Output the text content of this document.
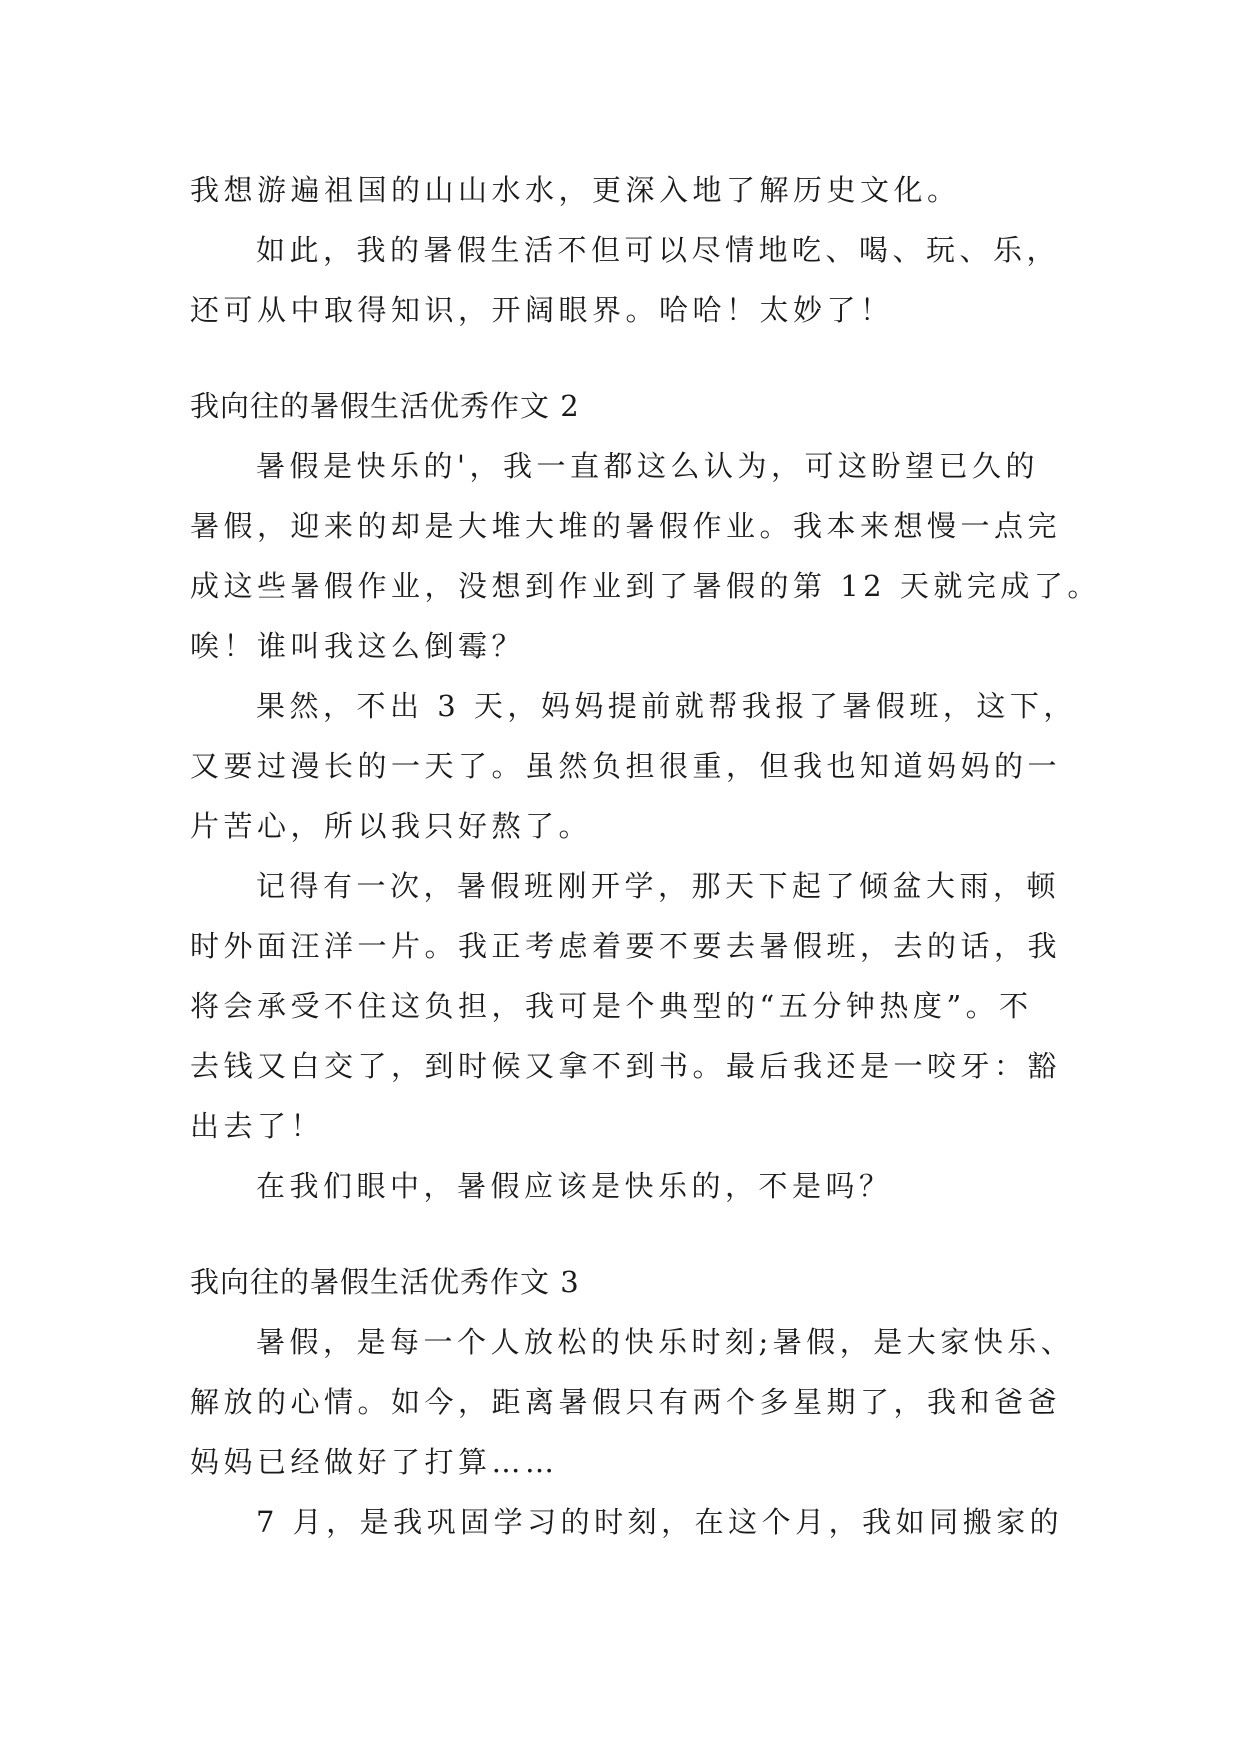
我想游遍祖国的山山水水，更深入地了解历史文化。

如此，我的暑假生活不但可以尽情地吃、喝、玩、乐，

还可从中取得知识，开阔眼界。哈哈！太妙了！

我向往的暑假生活优秀作文 2

暑假是快乐的'，我一直都这么认为，可这盼望已久的

暑假，迎来的却是大堆大堆的暑假作业。我本来想慢一点完

成这些暑假作业，没想到作业到了暑假的第 12 天就完成了。

唉！谁叫我这么倒霉？

果然，不出 3 天，妈妈提前就帮我报了暑假班，这下，

又要过漫长的一天了。虽然负担很重，但我也知道妈妈的一

片苦心，所以我只好熬了。

记得有一次，暑假班刚开学，那天下起了倾盆大雨，顿

时外面汪洋一片。我正考虑着要不要去暑假班，去的话，我

将会承受不住这负担，我可是个典型的“五分钟热度”。不

去钱又白交了，到时候又拿不到书。最后我还是一咬牙：豁

出去了！

在我们眼中，暑假应该是快乐的，不是吗？

我向往的暑假生活优秀作文 3

暑假，是每一个人放松的快乐时刻;暑假，是大家快乐、

解放的心情。如今，距离暑假只有两个多星期了，我和爸爸

妈妈已经做好了打算……

7 月，是我巩固学习的时刻，在这个月，我如同搬家的
